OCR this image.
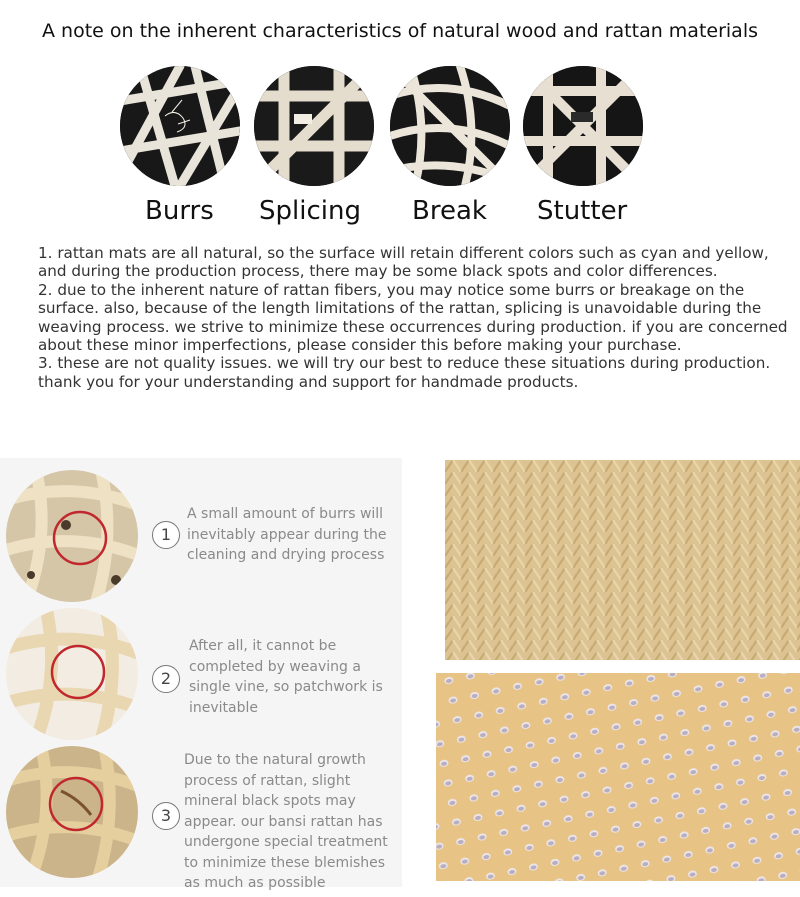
A note on the inherent characteristics of natural wood and rattan materials
Burrs Splicing Break Stutter

1. rattan mats are all natural, so the surface will retain different colors such as cyan and yellow, and during the production process, there may be some black spots and color differences.

2. due to the inherent nature of rattan fibers, you may notice some burrs or breakage on the surface. also, because of the length limitations of the rattan, splicing is unavoidable during the weaving process. we strive to minimize these occurrences during production. if you are concerned about these minor imperfections, please consider this before making your purchase.

3. these are not quality issues. we will try our best to reduce these situations during production. thank you for your understanding and support for handmade products.

1
A small amount of burrs will inevitably appear during the cleaning and drying process
2
After all, it cannot be completed by weaving a single vine, so patchwork is inevitable
3
Due to the natural growth process of rattan, slight mineral black spots may appear. our bansi rattan has undergone special treatment to minimize these blemishes as much as possible
